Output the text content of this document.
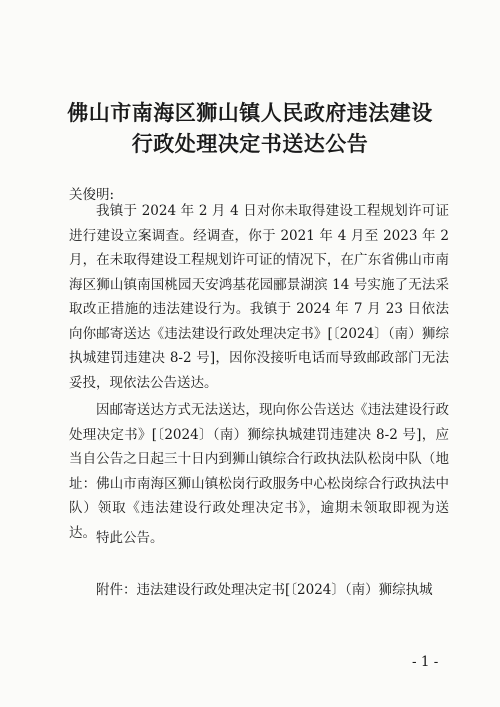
佛山市南海区狮山镇人民政府违法建设
行政处理决定书送达公告
关俊明:

我镇于 2024 年 2 月 4 日对你未取得建设工程规划许可证进行建设立案调查。经调查，你于 2021 年 4 月至 2023 年 2 月，在未取得建设工程规划许可证的情况下，在广东省佛山市南海区狮山镇南国桃园天安鸿基花园郦景湖滨 14 号实施了无法采取改正措施的违法建设行为。我镇于 2024 年 7 月 23 日依法向你邮寄送达《违法建设行政处理决定书》[〔2024〕（南）狮综执城建罚违建决 8-2 号]，因你没接听电话而导致邮政部门无法妥投，现依法公告送达。

因邮寄送达方式无法送达，现向你公告送达《违法建设行政处理决定书》[〔2024〕（南）狮综执城建罚违建决 8-2 号]，应当自公告之日起三十日内到狮山镇综合行政执法队松岗中队（地址：佛山市南海区狮山镇松岗行政服务中心松岗综合行政执法中队）领取《违法建设行政处理决定书》，逾期未领取即视为送达。 特此公告。

附件：违法建设行政处理决定书[〔2024〕（南）狮综执城
- 1 -
